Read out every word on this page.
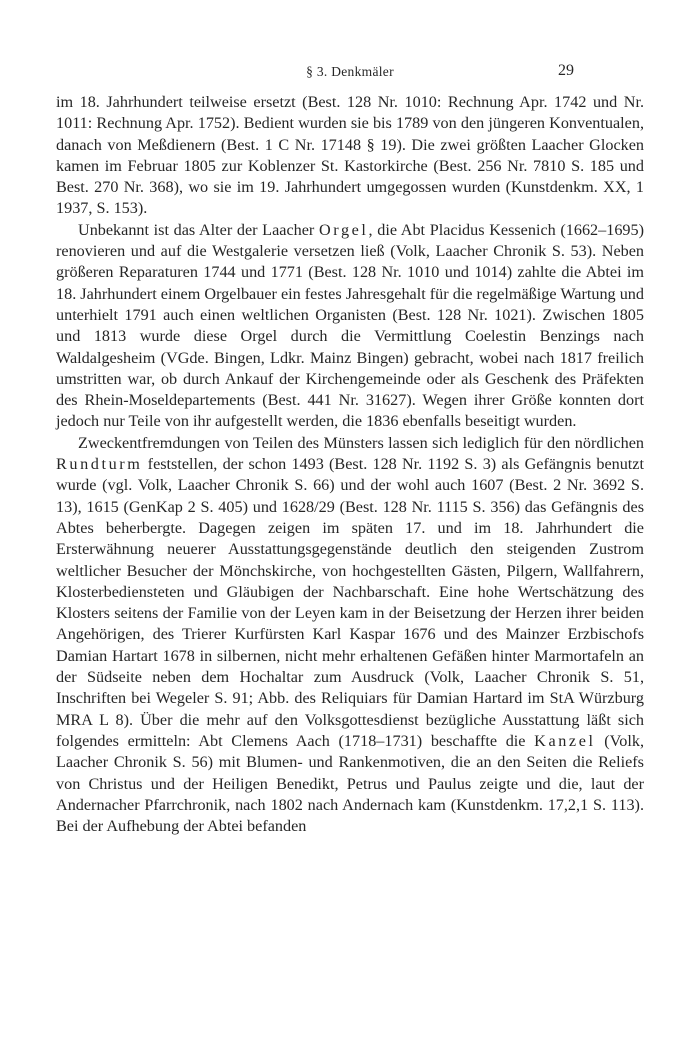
§ 3. Denkmäler	29

im 18. Jahrhundert teilweise ersetzt (Best. 128 Nr. 1010: Rechnung Apr. 1742 und Nr. 1011: Rechnung Apr. 1752). Bedient wurden sie bis 1789 von den jüngeren Konventualen, danach von Meßdienern (Best. 1 C Nr. 17148 § 19). Die zwei größten Laacher Glocken kamen im Februar 1805 zur Koblenzer St. Kastorkirche (Best. 256 Nr. 7810 S. 185 und Best. 270 Nr. 368), wo sie im 19. Jahrhundert umgegossen wurden (Kunstdenkm. XX, 1 1937, S. 153).

Unbekannt ist das Alter der Laacher Orgel, die Abt Placidus Kessenich (1662–1695) renovieren und auf die Westgalerie versetzen ließ (Volk, Laacher Chronik S. 53). Neben größeren Reparaturen 1744 und 1771 (Best. 128 Nr. 1010 und 1014) zahlte die Abtei im 18. Jahrhundert einem Orgelbauer ein festes Jahresgehalt für die regelmäßige Wartung und unterhielt 1791 auch einen weltlichen Organisten (Best. 128 Nr. 1021). Zwischen 1805 und 1813 wurde diese Orgel durch die Vermittlung Coelestin Benzings nach Waldalgesheim (VGde. Bingen, Ldkr. Mainz Bingen) gebracht, wobei nach 1817 freilich umstritten war, ob durch Ankauf der Kirchengemeinde oder als Geschenk des Präfekten des Rhein-Moseldepartements (Best. 441 Nr. 31627). Wegen ihrer Größe konnten dort jedoch nur Teile von ihr aufgestellt werden, die 1836 ebenfalls beseitigt wurden.

Zweckentfremdungen von Teilen des Münsters lassen sich lediglich für den nördlichen Rundturm feststellen, der schon 1493 (Best. 128 Nr. 1192 S. 3) als Gefängnis benutzt wurde (vgl. Volk, Laacher Chronik S. 66) und der wohl auch 1607 (Best. 2 Nr. 3692 S. 13), 1615 (GenKap 2 S. 405) und 1628/29 (Best. 128 Nr. 1115 S. 356) das Gefängnis des Abtes beherbergte. Dagegen zeigen im späten 17. und im 18. Jahrhundert die Ersterwähnung neuerer Ausstattungsgegenstände deutlich den steigenden Zustrom weltlicher Besucher der Mönchskirche, von hochgestellten Gästen, Pilgern, Wallfahrern, Klosterbediensteten und Gläubigen der Nachbarschaft. Eine hohe Wertschätzung des Klosters seitens der Familie von der Leyen kam in der Beisetzung der Herzen ihrer beiden Angehörigen, des Trierer Kurfürsten Karl Kaspar 1676 und des Mainzer Erzbischofs Damian Hartart 1678 in silbernen, nicht mehr erhaltenen Gefäßen hinter Marmortafeln an der Südseite neben dem Hochaltar zum Ausdruck (Volk, Laacher Chronik S. 51, Inschriften bei Wegeler S. 91; Abb. des Reliquiars für Damian Hartard im StA Würzburg MRA L 8). Über die mehr auf den Volksgottesdienst bezügliche Ausstattung läßt sich folgendes ermitteln: Abt Clemens Aach (1718–1731) beschaffte die Kanzel (Volk, Laacher Chronik S. 56) mit Blumen- und Rankenmotiven, die an den Seiten die Reliefs von Christus und der Heiligen Benedikt, Petrus und Paulus zeigte und die, laut der Andernacher Pfarrchronik, nach 1802 nach Andernach kam (Kunstdenkm. 17,2,1 S. 113). Bei der Aufhebung der Abtei befanden
